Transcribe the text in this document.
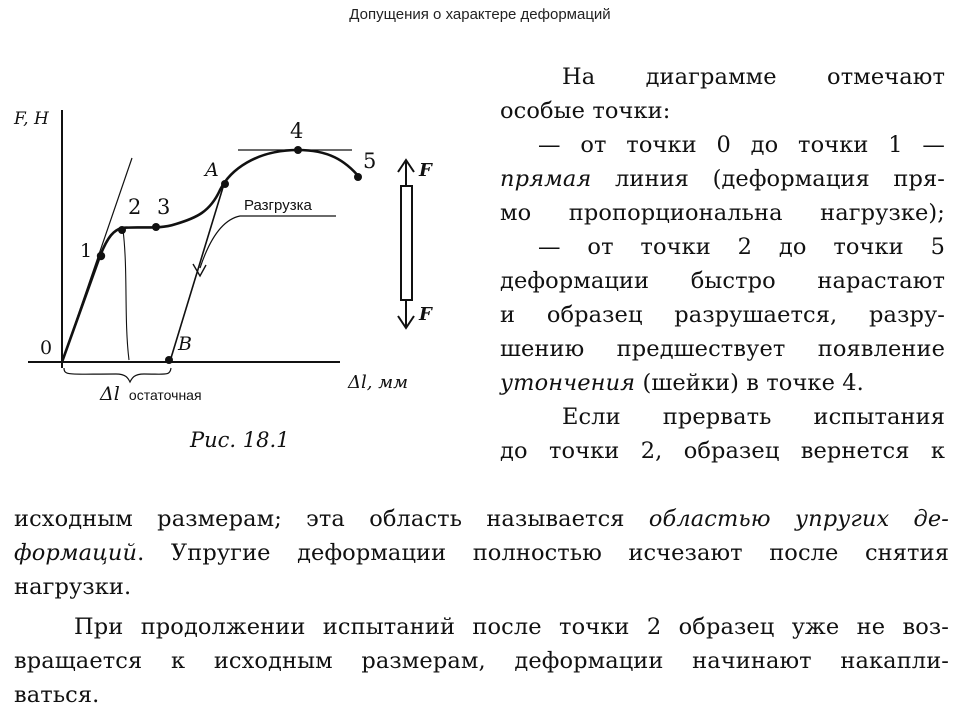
Допущения о характере деформаций
F, Н
Δl, мм
0
1
2 3
A
4
5
B
Разгрузка
Δl остаточная
F
F
Рис. 18.1
На диаграмме отмечают
особые точки:
— от точки 0 до точки 1 —
прямая линия (деформация пря-
мо пропорциональна нагрузке);
— от точки 2 до точки 5
деформации быстро нарастают
и образец разрушается, разру-
шению предшествует появление
утончения (шейки) в точке 4.
Если прервать испытания
до точки 2, образец вернется к
исходным размерам; эта область называется областью упругих де-
формаций. Упругие деформации полностью исчезают после снятия
нагрузки.
При продолжении испытаний после точки 2 образец уже не воз-
вращается к исходным размерам, деформации начинают накапли-
ваться.
